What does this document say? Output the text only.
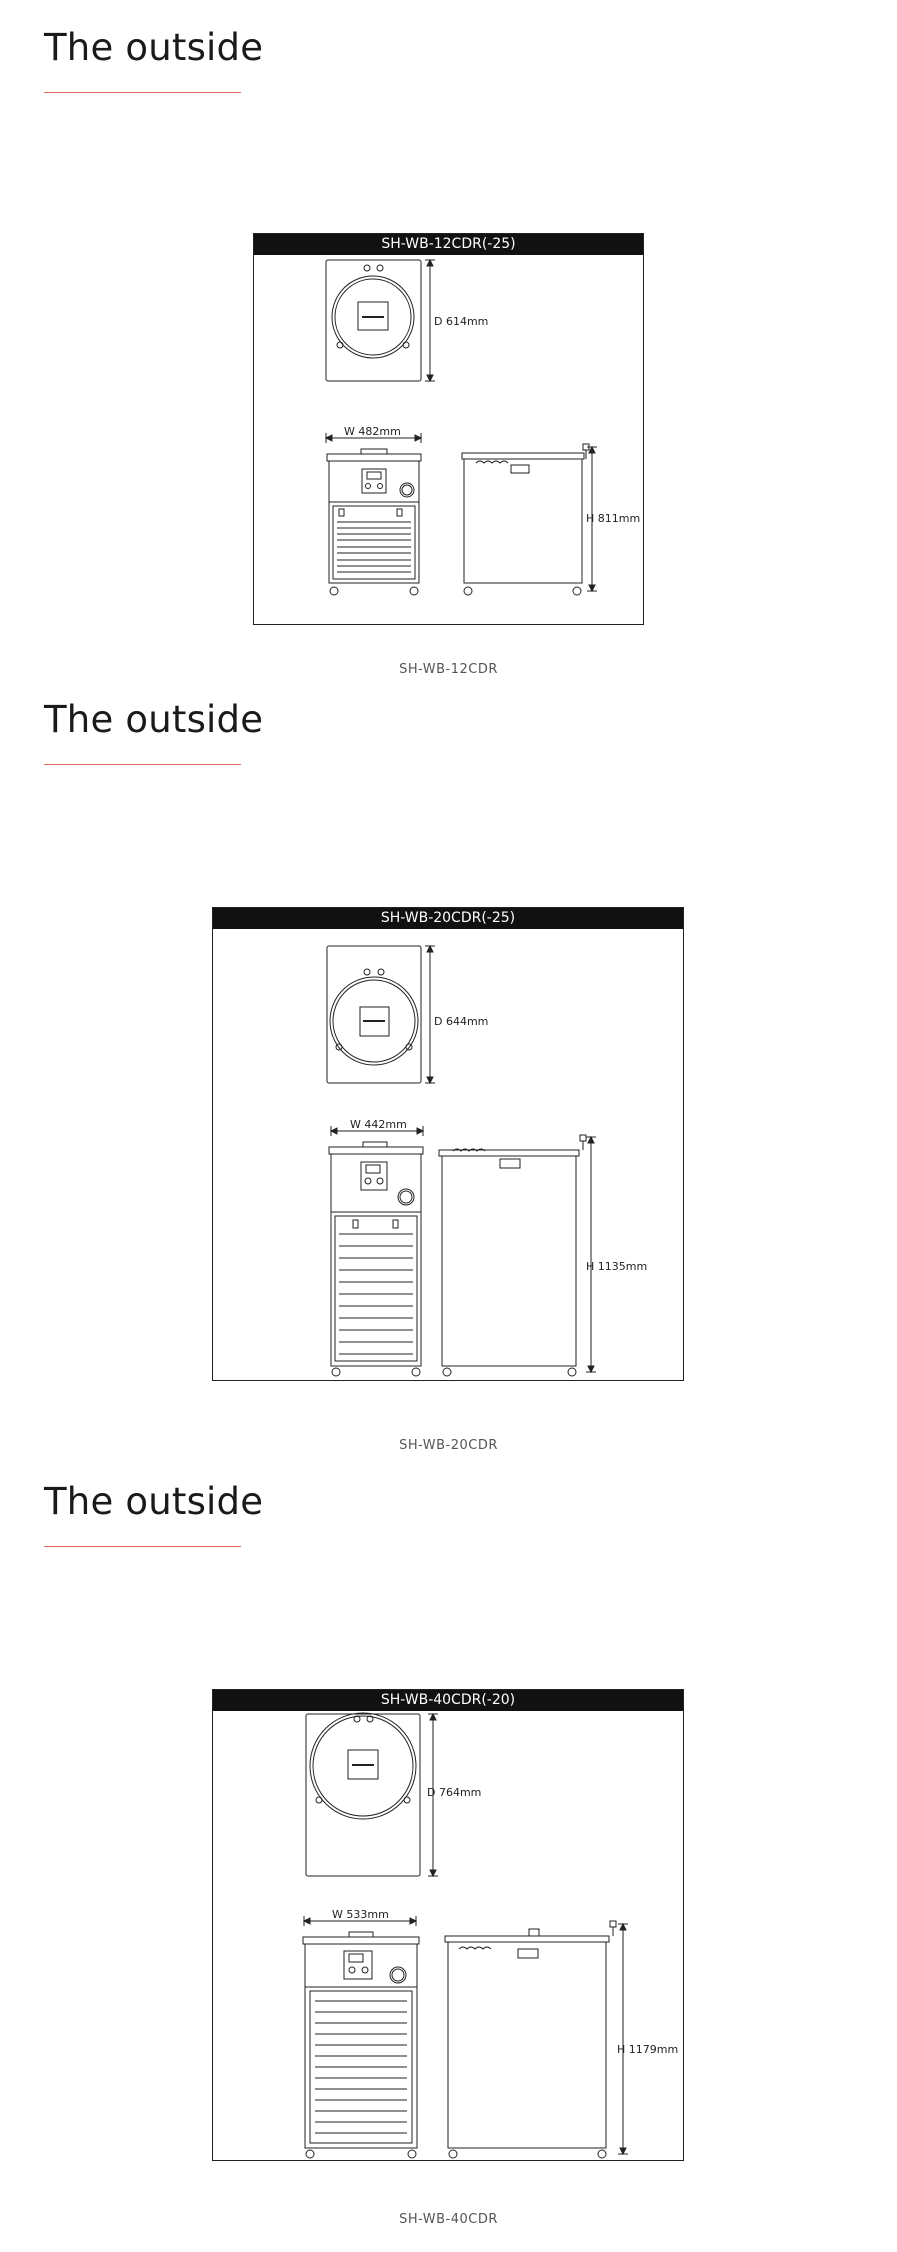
The outside
SH-WB-12CDR(-25)
D 614mm
W 482mm
H 811mm
SH-WB-12CDR
The outside
SH-WB-20CDR(-25)
D 644mm
W 442mm
H 1135mm
SH-WB-20CDR
The outside
SH-WB-40CDR(-20)
D 764mm
W 533mm
H 1179mm
SH-WB-40CDR
